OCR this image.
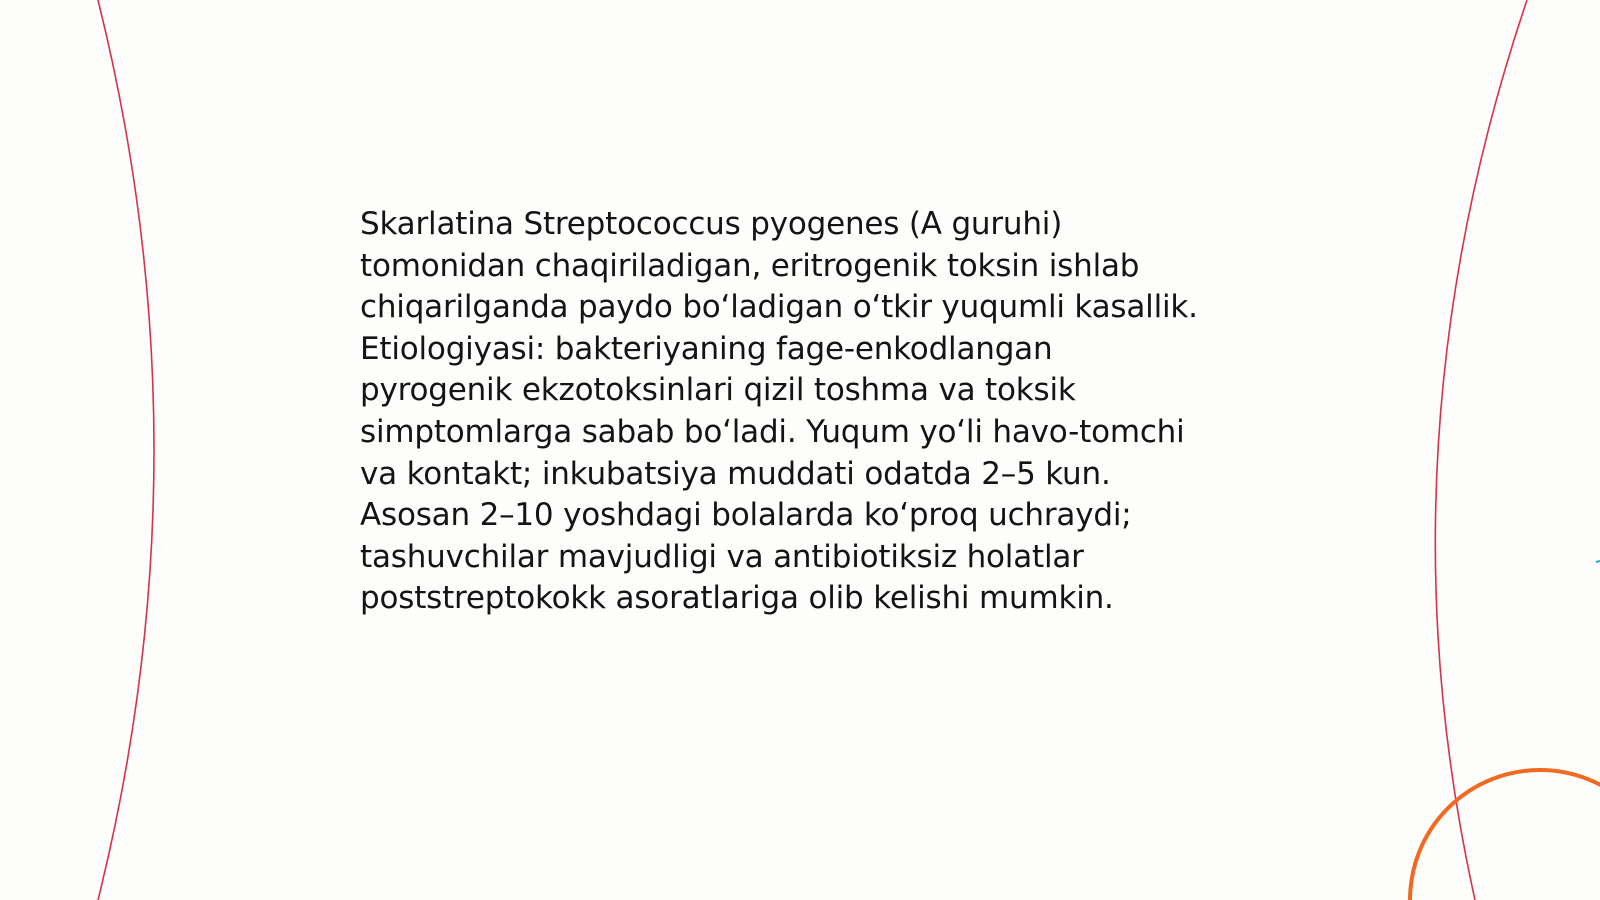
Skarlatina Streptococcus pyogenes (A guruhi)
tomonidan chaqiriladigan, eritrogenik toksin ishlab
chiqarilganda paydo bo‘ladigan o‘tkir yuqumli kasallik.
Etiologiyasi: bakteriyaning fage-enkodlangan
pyrogenik ekzotoksinlari qizil toshma va toksik
simptomlarga sabab bo‘ladi. Yuqum yo‘li havo-tomchi
va kontakt; inkubatsiya muddati odatda 2–5 kun.
Asosan 2–10 yoshdagi bolalarda ko‘proq uchraydi;
tashuvchilar mavjudligi va antibiotiksiz holatlar
poststreptokokk asoratlariga olib kelishi mumkin.
